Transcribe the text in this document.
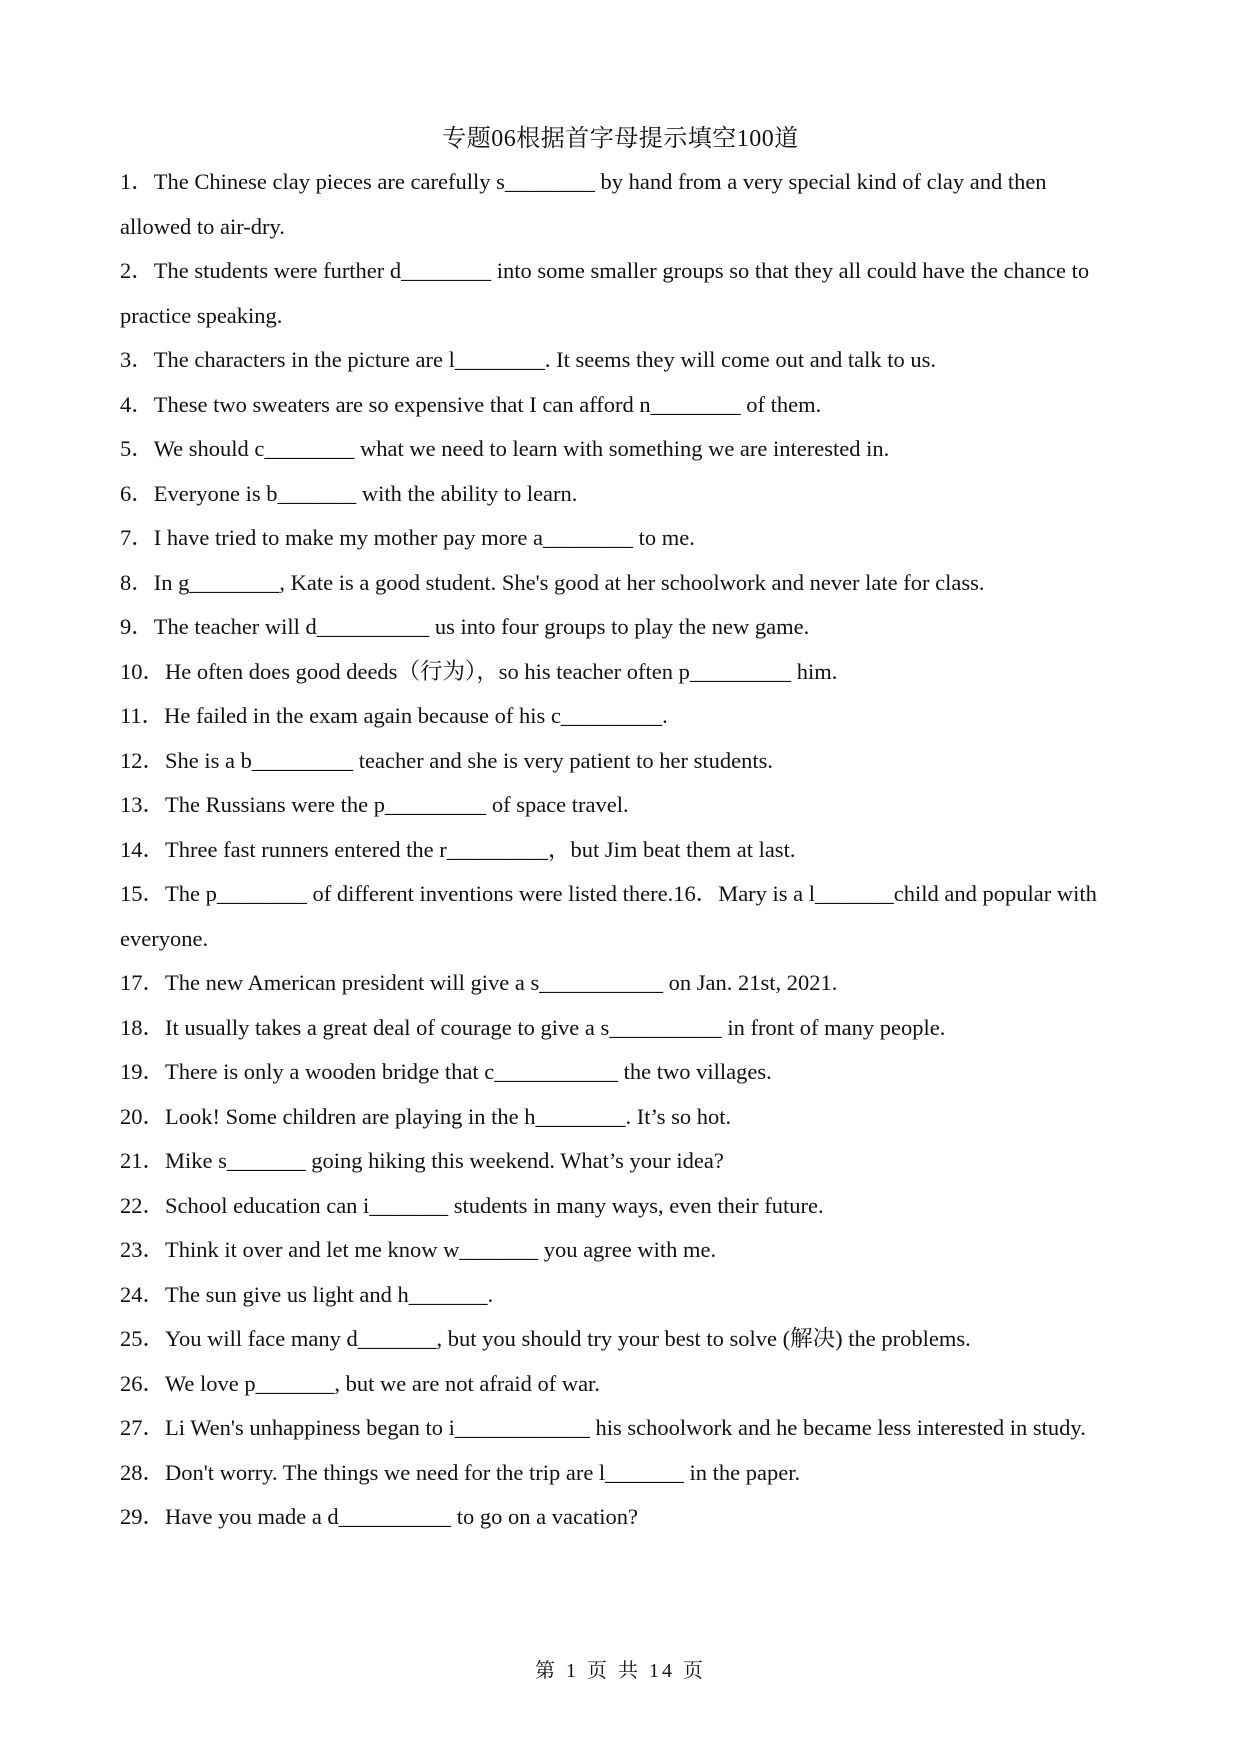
专题06根据首字母提示填空100道

1．The Chinese clay pieces are carefully s________ by hand from a very special kind of clay and then allowed to air-dry.

2．The students were further d________ into some smaller groups so that they all could have the chance to practice speaking.

3．The characters in the picture are l________. It seems they will come out and talk to us.

4．These two sweaters are so expensive that I can afford n________ of them.

5．We should c________ what we need to learn with something we are interested in.

6．Everyone is b_______ with the ability to learn.

7．I have tried to make my mother pay more a________ to me.

8．In g________, Kate is a good student. She's good at her schoolwork and never late for class.

9．The teacher will d__________ us into four groups to play the new game.

10．He often does good deeds（行为），so his teacher often p_________ him.

11．He failed in the exam again because of his c_________.

12．She is a b_________ teacher and she is very patient to her students.

13．The Russians were the p_________ of space travel.

14．Three fast runners entered the r_________，but Jim beat them at last.

15．The p________ of different inventions were listed there.16．Mary is a l_______child and popular with everyone.

17．The new American president will give a s___________ on Jan. 21st, 2021.

18．It usually takes a great deal of courage to give a s__________ in front of many people.

19．There is only a wooden bridge that c___________ the two villages.

20．Look! Some children are playing in the h________. It’s so hot.

21．Mike s_______ going hiking this weekend. What’s your idea?

22．School education can i_______ students in many ways, even their future.

23．Think it over and let me know w_______ you agree with me.

24．The sun give us light and h_______.

25．You will face many d_______, but you should try your best to solve (解决) the problems.

26．We love p_______, but we are not afraid of war.

27．Li Wen's unhappiness began to i____________ his schoolwork and he became less interested in study.

28．Don't worry. The things we need for the trip are l_______ in the paper.

29．Have you made a d__________ to go on a vacation?

第 1 页 共 14 页
